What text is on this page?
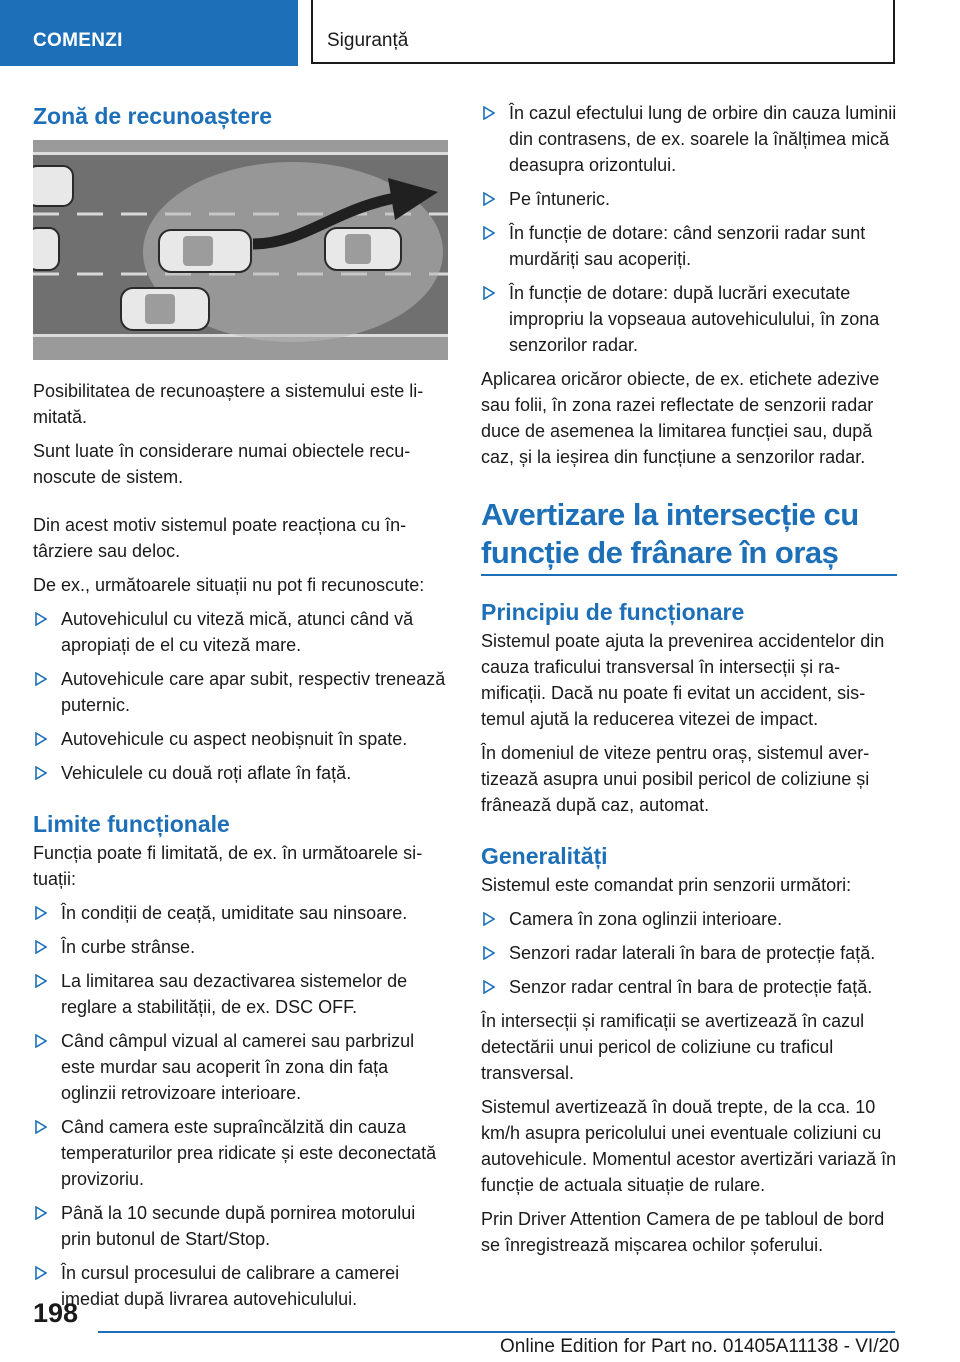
COMENZI	Siguranță
Zonă de recunoaștere

Posibilitatea de recunoaștere a sistemului este limitată.

Sunt luate în considerare numai obiectele recunoscute de sistem.

Din acest motiv sistemul poate reacționa cu întârziere sau deloc.

De ex., următoarele situații nu pot fi recunoscute:

Autovehiculul cu viteză mică, atunci când vă apropiați de el cu viteză mare.
Autovehicule care apar subit, respectiv trenează puternic.
Autovehicule cu aspect neobișnuit în spate.
Vehiculele cu două roți aflate în față.
Limite funcționale

Funcția poate fi limitată, de ex. în următoarele situații:

În condiții de ceață, umiditate sau ninsoare.
În curbe strânse.
La limitarea sau dezactivarea sistemelor de reglare a stabilității, de ex. DSC OFF.
Când câmpul vizual al camerei sau parbrizul este murdar sau acoperit în zona din fața oglinzii retrovizoare interioare.
Când camera este supraîncălzită din cauza temperaturilor prea ridicate și este deconectată provizoriu.
Până la 10 secunde după pornirea motorului prin butonul de Start/Stop.
În cursul procesului de calibrare a camerei imediat după livrarea autovehiculului.
În cazul efectului lung de orbire din cauza luminii din contrasens, de ex. soarele la înălțimea mică deasupra orizontului.
Pe întuneric.
În funcție de dotare: când senzorii radar sunt murdăriți sau acoperiți.
În funcție de dotare: după lucrări executate impropriu la vopseaua autovehiculului, în zona senzorilor radar.

Aplicarea oricăror obiecte, de ex. etichete adezive sau folii, în zona razei reflectate de senzorii radar duce de asemenea la limitarea funcției sau, după caz, și la ieșirea din funcțiune a senzorilor radar.

Avertizare la intersecție cu funcție de frânare în oraș
Principiu de funcționare

Sistemul poate ajuta la prevenirea accidentelor din cauza traficului transversal în intersecții și ramificații. Dacă nu poate fi evitat un accident, sistemul ajută la reducerea vitezei de impact.

În domeniul de viteze pentru oraș, sistemul avertizează asupra unui posibil pericol de coliziune și frânează după caz, automat.

Generalități

Sistemul este comandat prin senzorii următori:

Camera în zona oglinzii interioare.
Senzori radar laterali în bara de protecție față.
Senzor radar central în bara de protecție față.

În intersecții și ramificații se avertizează în cazul detectării unui pericol de coliziune cu traficul transversal.

Sistemul avertizează în două trepte, de la cca. 10 km/h asupra pericolului unei eventuale coliziuni cu autovehicule. Momentul acestor avertizări variază în funcție de actuala situație de rulare.

Prin Driver Attention Camera de pe tabloul de bord se înregistrează mișcarea ochilor șoferului.

198
Online Edition for Part no. 01405A11138 - VI/20
